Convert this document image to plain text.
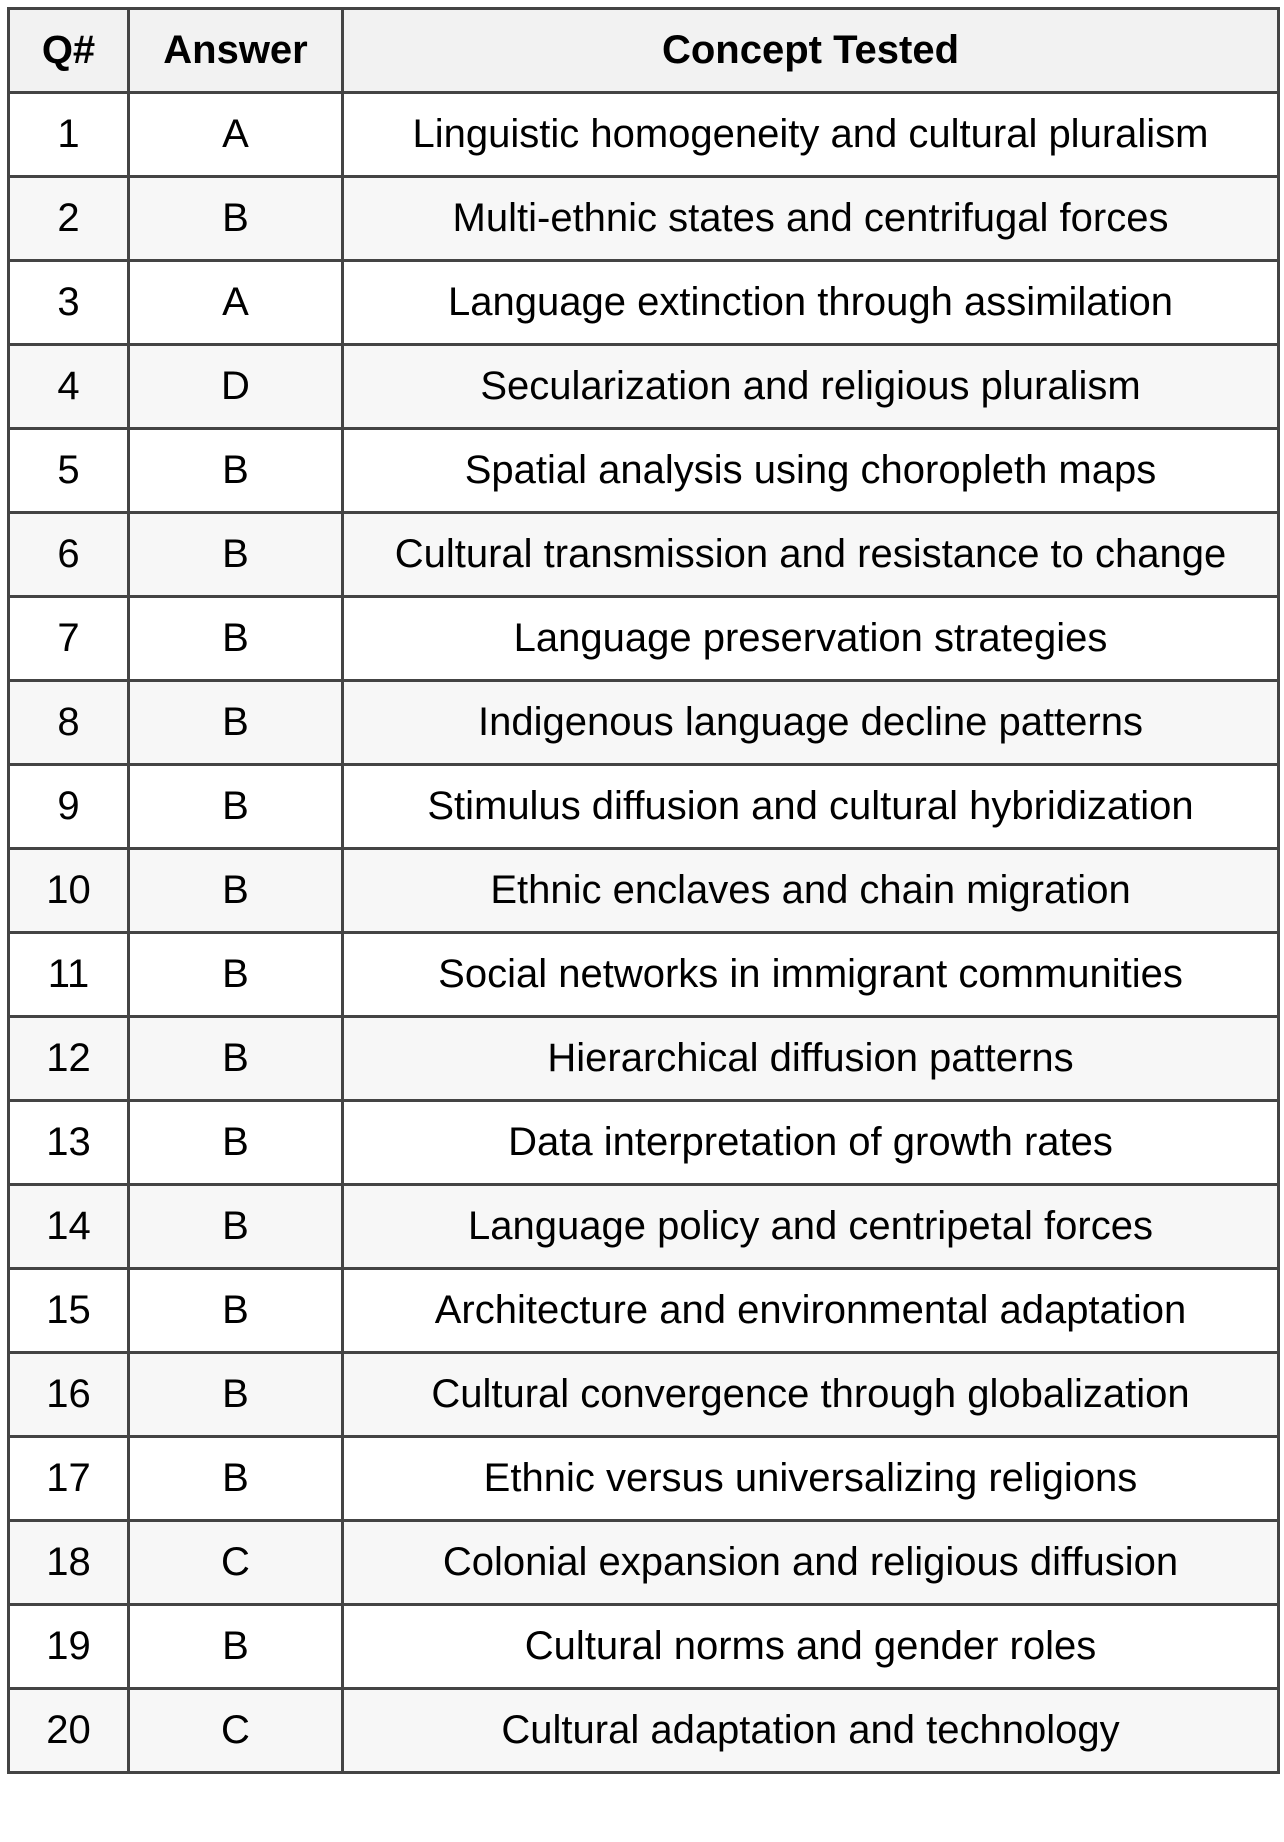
Q#	Answer	Concept Tested
1	A	Linguistic homogeneity and cultural pluralism
2	B	Multi-ethnic states and centrifugal forces
3	A	Language extinction through assimilation
4	D	Secularization and religious pluralism
5	B	Spatial analysis using choropleth maps
6	B	Cultural transmission and resistance to change
7	B	Language preservation strategies
8	B	Indigenous language decline patterns
9	B	Stimulus diffusion and cultural hybridization
10	B	Ethnic enclaves and chain migration
11	B	Social networks in immigrant communities
12	B	Hierarchical diffusion patterns
13	B	Data interpretation of growth rates
14	B	Language policy and centripetal forces
15	B	Architecture and environmental adaptation
16	B	Cultural convergence through globalization
17	B	Ethnic versus universalizing religions
18	C	Colonial expansion and religious diffusion
19	B	Cultural norms and gender roles
20	C	Cultural adaptation and technology
